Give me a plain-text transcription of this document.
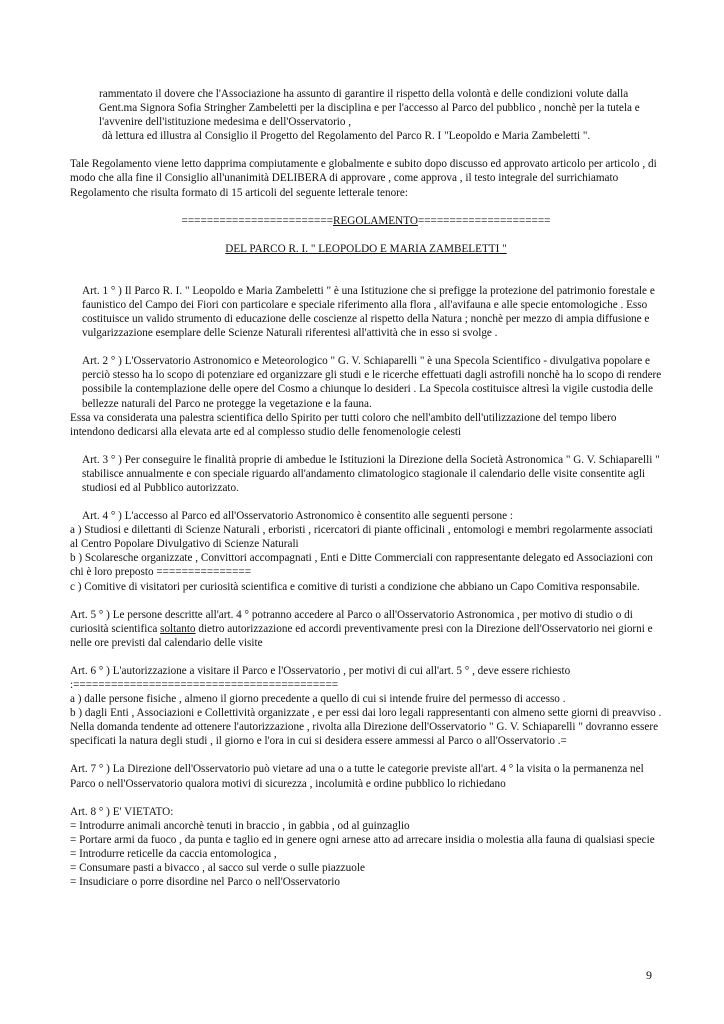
rammentato il dovere che l'Associazione ha assunto di garantire il rispetto della volontà e delle condizioni volute dalla Gent.ma Signora Sofia Stringher Zambeletti per la disciplina e per l'accesso al Parco del pubblico , nonchè per la tutela e l'avvenire dell'istituzione medesima e dell'Osservatorio ,

dà lettura ed illustra al Consiglio il Progetto del Regolamento del Parco R. I "Leopoldo e Maria Zambeletti ".

Tale Regolamento viene letto dapprima compiutamente e globalmente e subito dopo discusso ed approvato articolo per articolo , di modo che alla fine il Consiglio all'unanimità DELIBERA di approvare , come approva , il testo integrale del surrichiamato Regolamento che risulta formato di 15 articoli del seguente letterale tenore:

========================REGOLAMENTO=====================

DEL PARCO R. I. " LEOPOLDO E MARIA ZAMBELETTI "

Art. 1 ° ) Il Parco R. I. " Leopoldo e Maria Zambeletti " è una Istituzione che si prefigge la protezione del patrimonio forestale e faunistico del Campo dei Fiori con particolare e speciale riferimento alla flora , all'avifauna e alle specie entomologiche . Esso costituisce un valido strumento di educazione delle coscienze al rispetto della Natura ; nonchè per mezzo di ampia diffusione e vulgarizzazione esemplare delle Scienze Naturali riferentesi all'attività che in esso si svolge .

Art. 2 ° ) L'Osservatorio Astronomico e Meteorologico " G. V. Schiaparelli " è una Specola Scientifico - divulgativa popolare e perciò stesso ha lo scopo di potenziare ed organizzare gli studi e le ricerche effettuati dagli astrofili nonchè ha lo scopo di rendere possibile la contemplazione delle opere del Cosmo a chiunque lo desideri . La Specola costituisce altresì la vigile custodia delle bellezze naturali del Parco ne protegge la vegetazione e la fauna.

Essa va considerata una palestra scientifica dello Spirito per tutti coloro che nell'ambito dell'utilizzazione del tempo libero intendono dedicarsi alla elevata arte ed al complesso studio delle fenomenologie celesti

Art. 3 ° ) Per conseguire le finalità proprie di ambedue le Istituzioni la Direzione della Società Astronomica " G. V. Schiaparelli " stabilisce annualmente e con speciale riguardo all'andamento climatologico stagionale il calendario delle visite consentite agli studiosi ed al Pubblico autorizzato.

Art. 4 ° ) L'accesso al Parco ed all'Osservatorio Astronomico è consentito alle seguenti persone :

a ) Studiosi e dilettanti di Scienze Naturali , erboristi , ricercatori di piante officinali , entomologi e membri regolarmente associati al Centro Popolare Divulgativo di Scienze Naturali

b ) Scolaresche organizzate , Convittori accompagnati , Enti e Ditte Commerciali con rappresentante delegato ed Associazioni con chi è loro preposto ===============

c ) Comitive di visitatori per curiosità scientifica e comitive di turisti a condizione che abbiano un Capo Comitiva responsabile.

Art. 5 ° ) Le persone descritte all'art. 4 ° potranno accedere al Parco o all'Osservatorio Astronomica , per motivo di studio o di curiosità scientifica soltanto dietro autorizzazione ed accordi preventivamente presi con la Direzione dell'Osservatorio nei giorni e nelle ore previsti dal calendario delle visite

Art. 6 ° ) L'autorizzazione a visitare il Parco e l'Osservatorio , per motivi di cui all'art. 5 ° , deve essere richiesto :==========================================

a ) dalle persone fisiche , almeno il giorno precedente a quello di cui si intende fruire del permesso di accesso .

b ) dagli Enti , Associazioni e Collettività organizzate , e per essi dai loro legali rappresentanti con almeno sette giorni di preavviso .

Nella domanda tendente ad ottenere l'autorizzazione , rivolta alla Direzione dell'Osservatorio " G. V. Schiaparelli " dovranno essere specificati la natura degli studi , il giorno e l'ora in cui si desidera essere ammessi al Parco o all'Osservatorio .=

Art. 7 ° ) La Direzione dell'Osservatorio può vietare ad una o a tutte le categorie previste all'art. 4 ° la visita o la permanenza nel Parco o nell'Osservatorio qualora motivi di sicurezza , incolumità e ordine pubblico lo richiedano

Art. 8 ° ) E' VIETATO:

= Introdurre animali ancorchè tenuti in braccio , in gabbia , od al guinzaglio

= Portare armi da fuoco , da punta e taglio ed in genere ogni arnese atto ad arrecare insidia o molestia alla fauna di qualsiasi specie

= Introdurre reticelle da caccia entomologica ,

= Consumare pasti a bivacco , al sacco sul verde o sulle piazzuole

= Insudiciare o porre disordine nel Parco o nell'Osservatorio

9
